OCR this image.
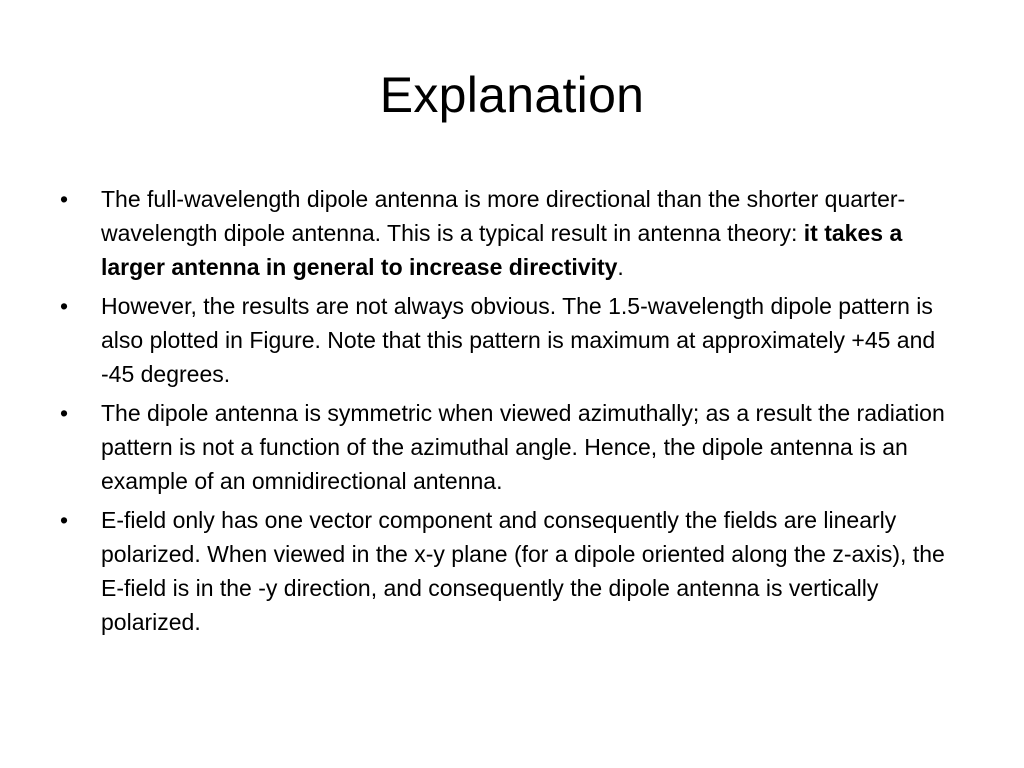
Explanation
•	The full-wavelength dipole antenna is more directional than the shorter quarter-wavelength dipole antenna. This is a typical result in antenna theory: it takes a larger antenna in general to increase directivity.
•	However, the results are not always obvious. The 1.5-wavelength dipole pattern is also plotted in Figure. Note that this pattern is maximum at approximately +45 and -45 degrees.
•	The dipole antenna is symmetric when viewed azimuthally; as a result the radiation pattern is not a function of the azimuthal angle. Hence, the dipole antenna is an example of an omnidirectional antenna.
•	E-field only has one vector component and consequently the fields are linearly polarized. When viewed in the x-y plane (for a dipole oriented along the z-axis), the E-field is in the -y direction, and consequently the dipole antenna is vertically polarized.
